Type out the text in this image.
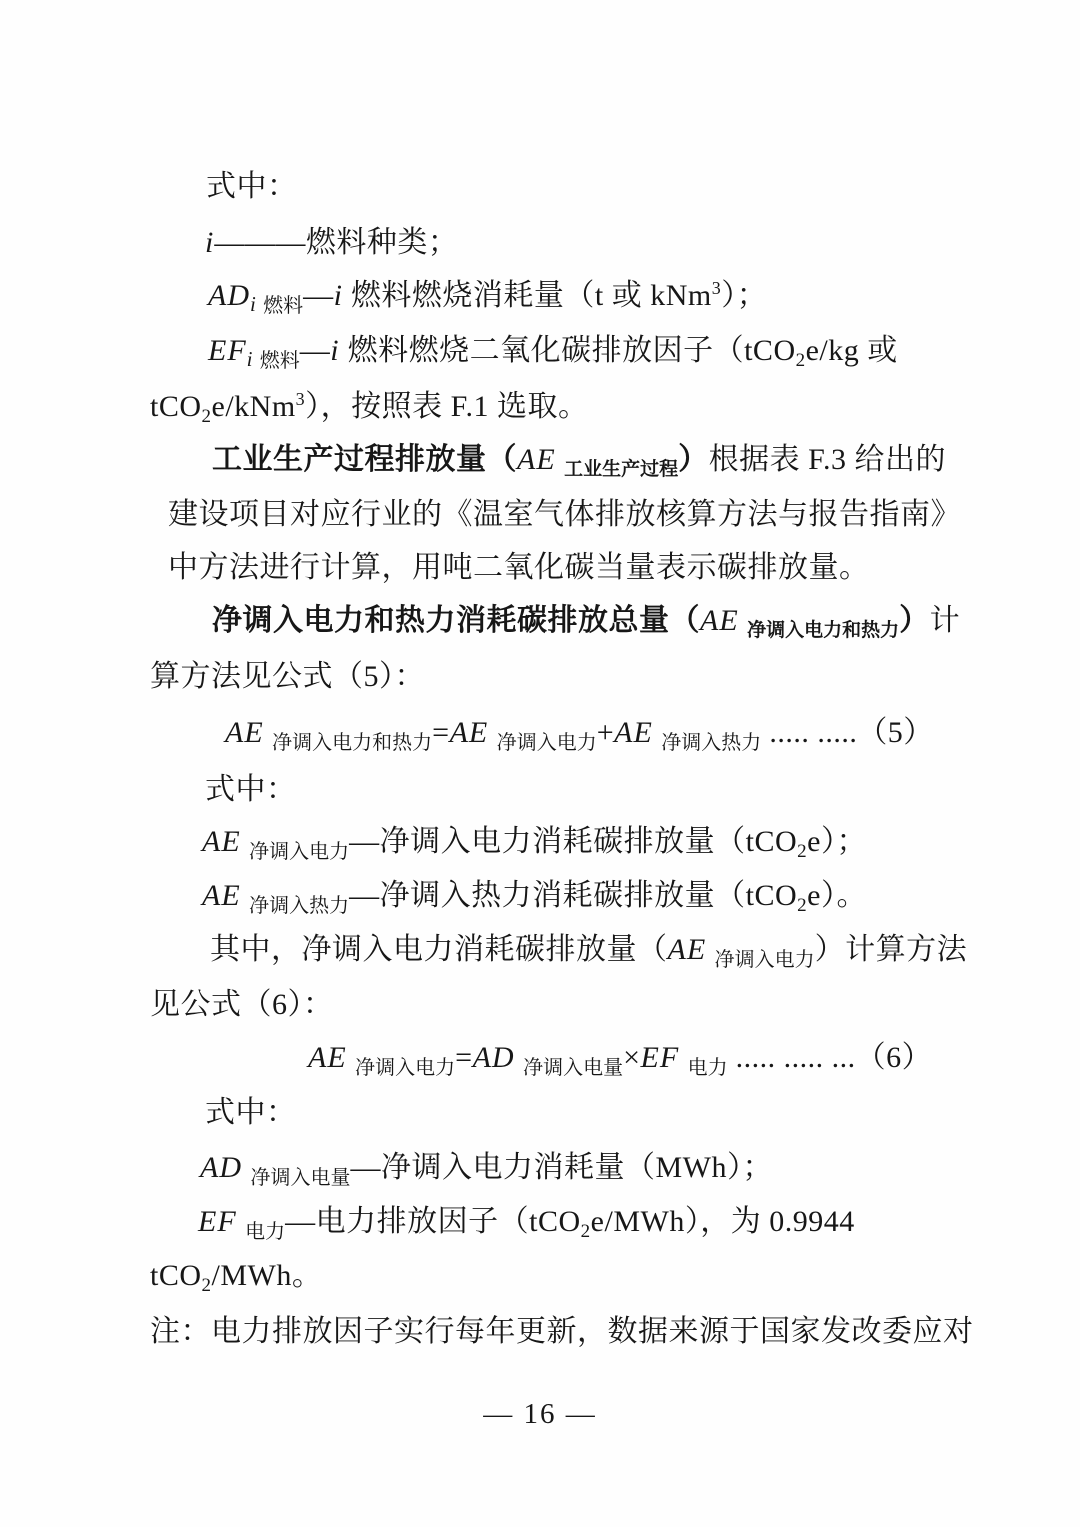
式中：
i———燃料种类；
$AD_i$ $_{燃料}$—i 燃料燃烧消耗量（t 或 kNm$^3$）；
$EF_i$ $_{燃料}$—i 燃料燃烧二氧化碳排放因子（tCO$_2$e/kg 或
tCO$_2$e/kNm$^3$），按照表 F.1 选取。
工业生产过程排放量（AE $_{工业生产过程}$）根据表 F.3 给出的
建设项目对应行业的《温室气体排放核算方法与报告指南》
中方法进行计算，用吨二氧化碳当量表示碳排放量。
净调入电力和热力消耗碳排放总量（AE $_{净调入电力和热力}$）计
算方法见公式（5）：
AE $_{净调入电力和热力}$=AE $_{净调入电力}$+AE $_{净调入热力}$ ..... .....（5）
式中：
AE $_{净调入电力}$—净调入电力消耗碳排放量（tCO$_2$e）；
AE $_{净调入热力}$—净调入热力消耗碳排放量（tCO$_2$e）。
其中，净调入电力消耗碳排放量（AE $_{净调入电力}$）计算方法
见公式（6）：
AE $_{净调入电力}$=AD $_{净调入电量}$×EF $_{电力}$ ..... ..... ...（6）
式中：
AD $_{净调入电量}$—净调入电力消耗量（MWh）；
EF $_{电力}$—电力排放因子（tCO$_2$e/MWh），为 0.9944
tCO$_2$/MWh。
注：电力排放因子实行每年更新，数据来源于国家发改委应对
— 16 —
